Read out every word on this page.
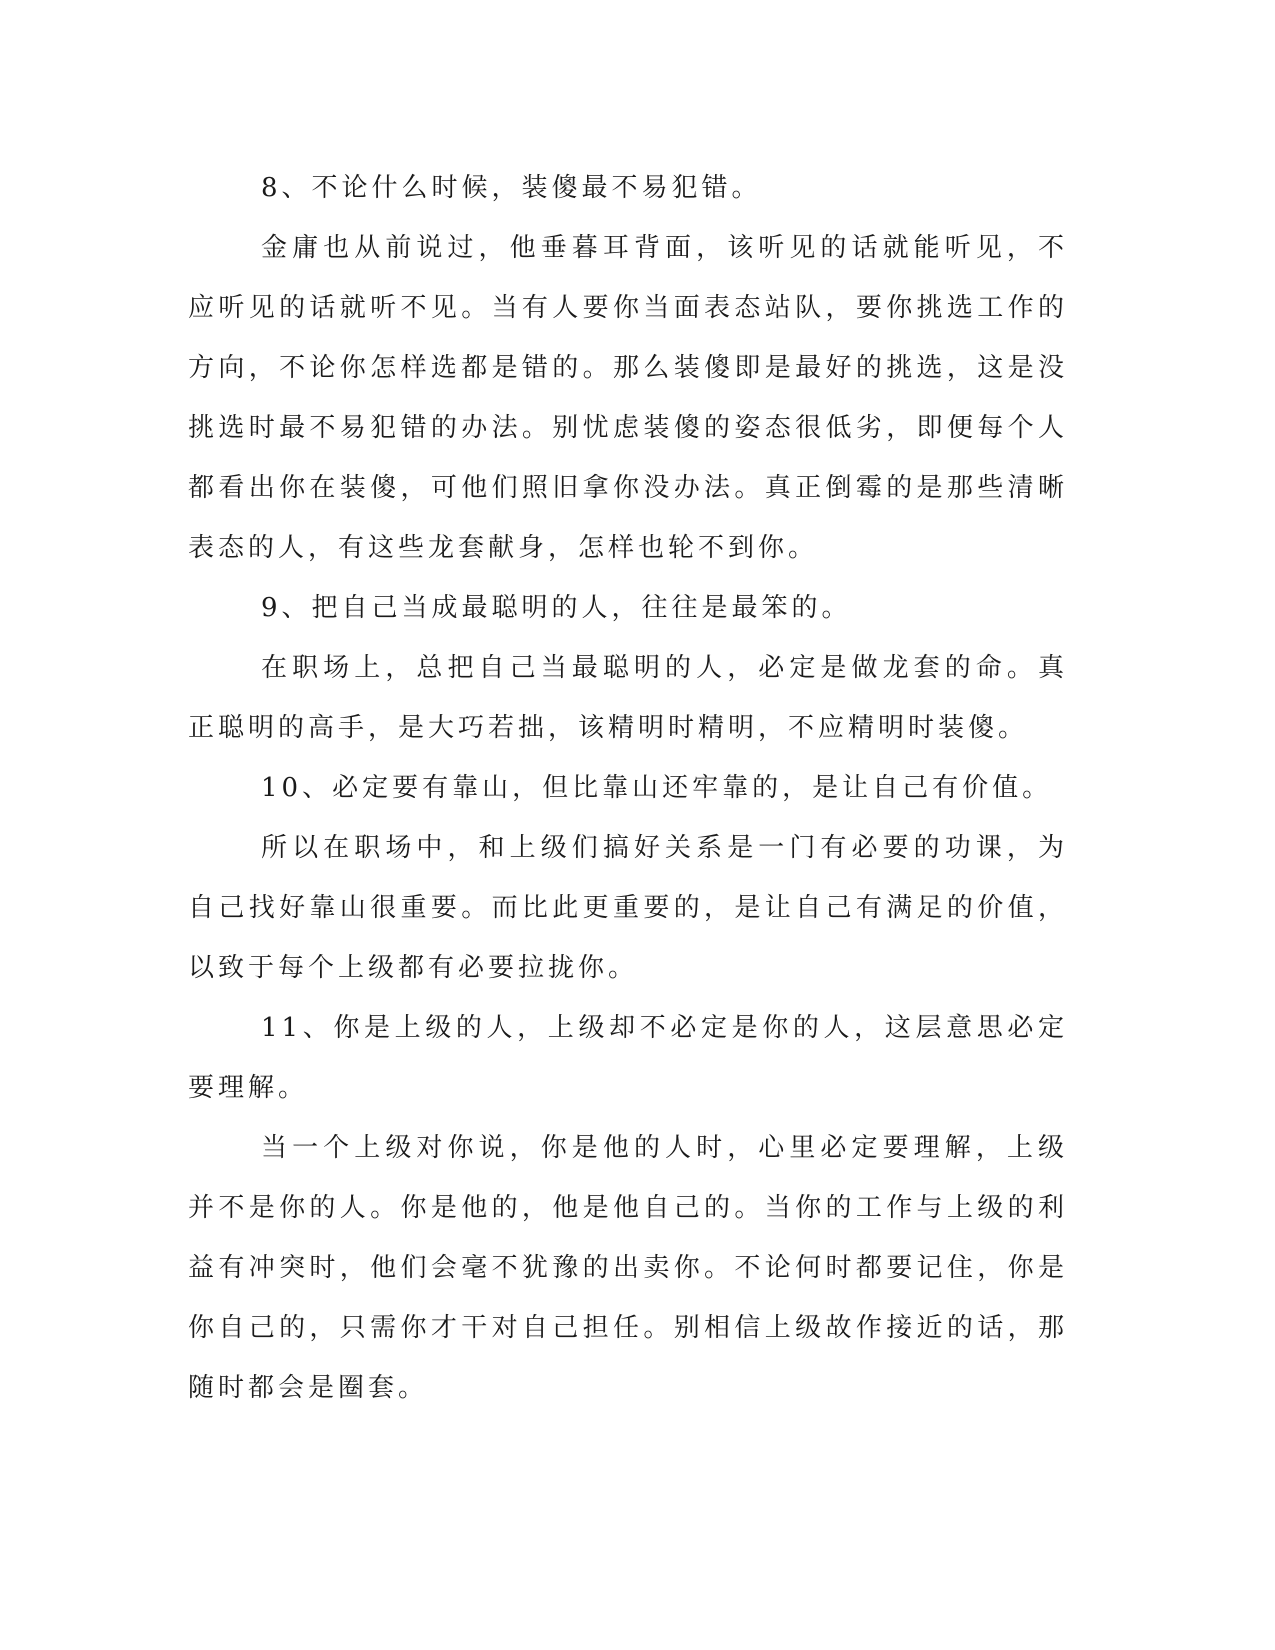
8、不论什么时候，装傻最不易犯错。

金庸也从前说过，他垂暮耳背面，该听见的话就能听见，不应听见的话就听不见。当有人要你当面表态站队，要你挑选工作的方向，不论你怎样选都是错的。那么装傻即是最好的挑选，这是没挑选时最不易犯错的办法。别忧虑装傻的姿态很低劣，即便每个人都看出你在装傻，可他们照旧拿你没办法。真正倒霉的是那些清晰表态的人，有这些龙套献身，怎样也轮不到你。

9、把自己当成最聪明的人，往往是最笨的。

在职场上，总把自己当最聪明的人，必定是做龙套的命。真正聪明的高手，是大巧若拙，该精明时精明，不应精明时装傻。

10、必定要有靠山，但比靠山还牢靠的，是让自己有价值。

所以在职场中，和上级们搞好关系是一门有必要的功课，为自己找好靠山很重要。而比此更重要的，是让自己有满足的价值，以致于每个上级都有必要拉拢你。

11、你是上级的人，上级却不必定是你的人，这层意思必定要理解。

当一个上级对你说，你是他的人时，心里必定要理解，上级并不是你的人。你是他的，他是他自己的。当你的工作与上级的利益有冲突时，他们会毫不犹豫的出卖你。不论何时都要记住，你是你自己的，只需你才干对自己担任。别相信上级故作接近的话，那随时都会是圈套。
